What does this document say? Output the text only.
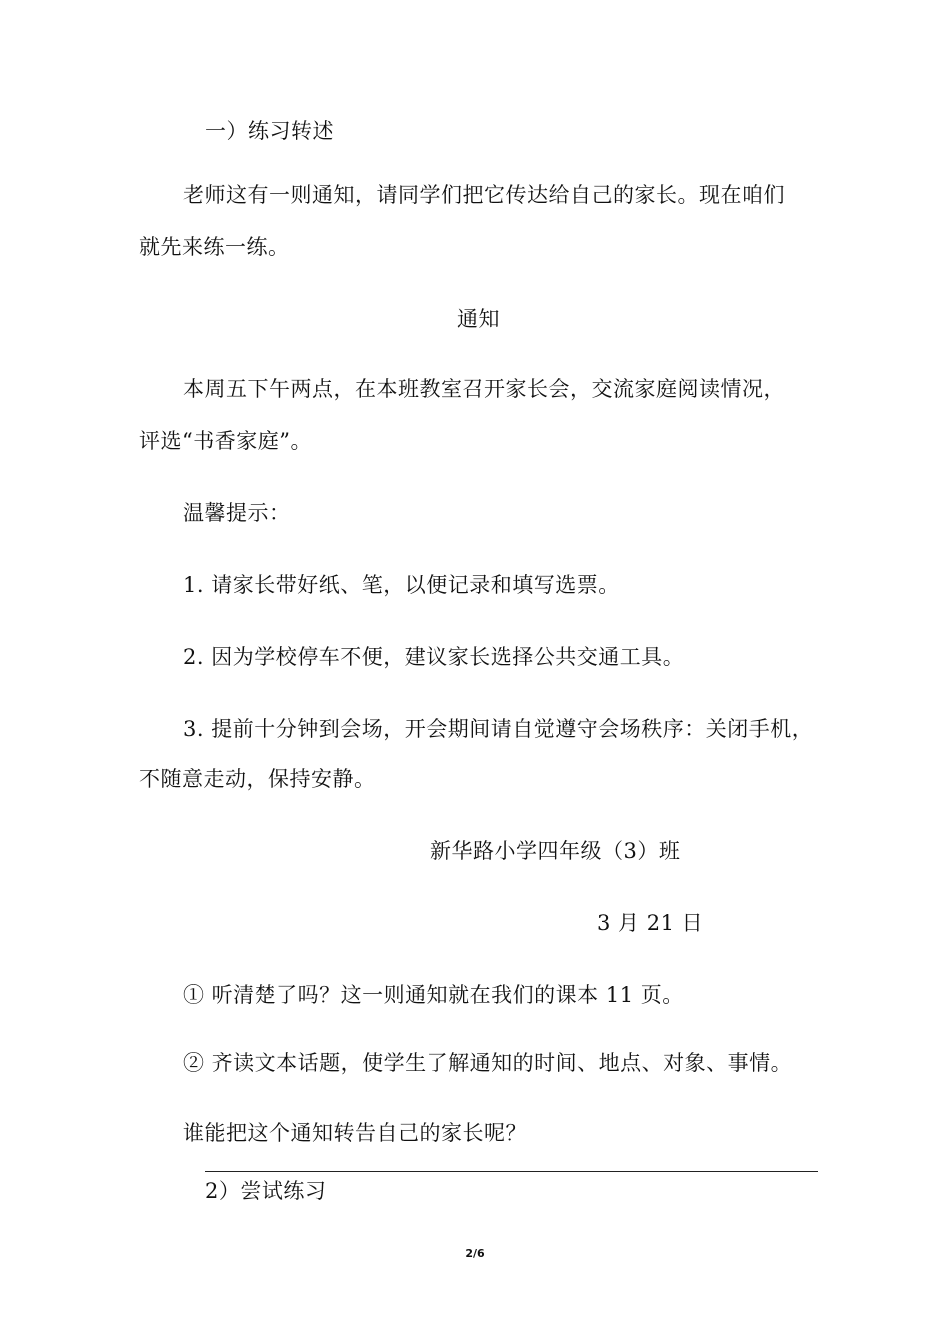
一）练习转述
老师这有一则通知，请同学们把它传达给自己的家长。现在咱们
就先来练一练。
通知
本周五下午两点，在本班教室召开家长会，交流家庭阅读情况，
评选“书香家庭”。
温馨提示：
1. 请家长带好纸、笔，以便记录和填写选票。
2. 因为学校停车不便，建议家长选择公共交通工具。
3. 提前十分钟到会场，开会期间请自觉遵守会场秩序：关闭手机，
不随意走动，保持安静。
新华路小学四年级（3）班
3 月 21 日
① 听清楚了吗？这一则通知就在我们的课本 11 页。
② 齐读文本话题，使学生了解通知的时间、地点、对象、事情。
谁能把这个通知转告自己的家长呢？
2）尝试练习
2/6
